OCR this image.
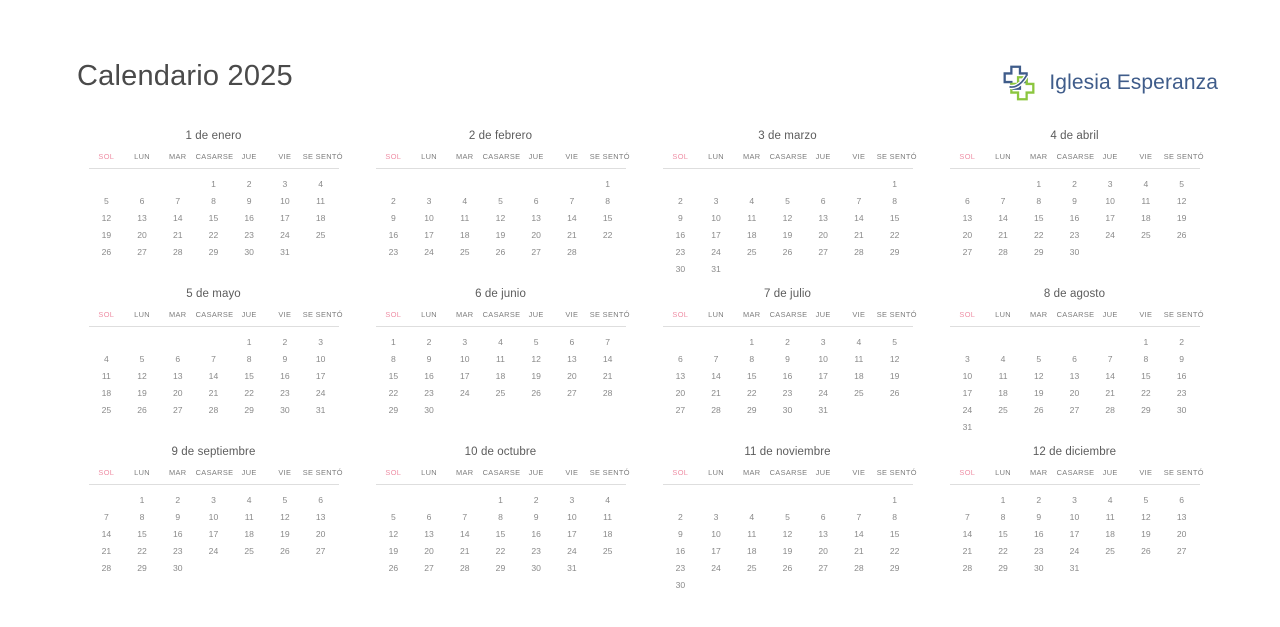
Calendario 2025	Iglesia Esperanza
1 de enero
SOL	LUN	MAR	CASARSE	JUE	VIE	SE SENTÓ
			1	2	3	4
5	6	7	8	9	10	11
12	13	14	15	16	17	18
19	20	21	22	23	24	25
26	27	28	29	30	31	
2 de febrero
SOL	LUN	MAR	CASARSE	JUE	VIE	SE SENTÓ
						1
2	3	4	5	6	7	8
9	10	11	12	13	14	15
16	17	18	19	20	21	22
23	24	25	26	27	28	
3 de marzo
SOL	LUN	MAR	CASARSE	JUE	VIE	SE SENTÓ
						1
2	3	4	5	6	7	8
9	10	11	12	13	14	15
16	17	18	19	20	21	22
23	24	25	26	27	28	29
30	31					
4 de abril
SOL	LUN	MAR	CASARSE	JUE	VIE	SE SENTÓ
		1	2	3	4	5
6	7	8	9	10	11	12
13	14	15	16	17	18	19
20	21	22	23	24	25	26
27	28	29	30			
5 de mayo
SOL	LUN	MAR	CASARSE	JUE	VIE	SE SENTÓ
				1	2	3
4	5	6	7	8	9	10
11	12	13	14	15	16	17
18	19	20	21	22	23	24
25	26	27	28	29	30	31
6 de junio
SOL	LUN	MAR	CASARSE	JUE	VIE	SE SENTÓ
1	2	3	4	5	6	7
8	9	10	11	12	13	14
15	16	17	18	19	20	21
22	23	24	25	26	27	28
29	30					
7 de julio
SOL	LUN	MAR	CASARSE	JUE	VIE	SE SENTÓ
		1	2	3	4	5
6	7	8	9	10	11	12
13	14	15	16	17	18	19
20	21	22	23	24	25	26
27	28	29	30	31		
8 de agosto
SOL	LUN	MAR	CASARSE	JUE	VIE	SE SENTÓ
					1	2
3	4	5	6	7	8	9
10	11	12	13	14	15	16
17	18	19	20	21	22	23
24	25	26	27	28	29	30
31						
9 de septiembre
SOL	LUN	MAR	CASARSE	JUE	VIE	SE SENTÓ
	1	2	3	4	5	6
7	8	9	10	11	12	13
14	15	16	17	18	19	20
21	22	23	24	25	26	27
28	29	30				
10 de octubre
SOL	LUN	MAR	CASARSE	JUE	VIE	SE SENTÓ
			1	2	3	4
5	6	7	8	9	10	11
12	13	14	15	16	17	18
19	20	21	22	23	24	25
26	27	28	29	30	31	
11 de noviembre
SOL	LUN	MAR	CASARSE	JUE	VIE	SE SENTÓ
						1
2	3	4	5	6	7	8
9	10	11	12	13	14	15
16	17	18	19	20	21	22
23	24	25	26	27	28	29
30						
12 de diciembre
SOL	LUN	MAR	CASARSE	JUE	VIE	SE SENTÓ
	1	2	3	4	5	6
7	8	9	10	11	12	13
14	15	16	17	18	19	20
21	22	23	24	25	26	27
28	29	30	31			
